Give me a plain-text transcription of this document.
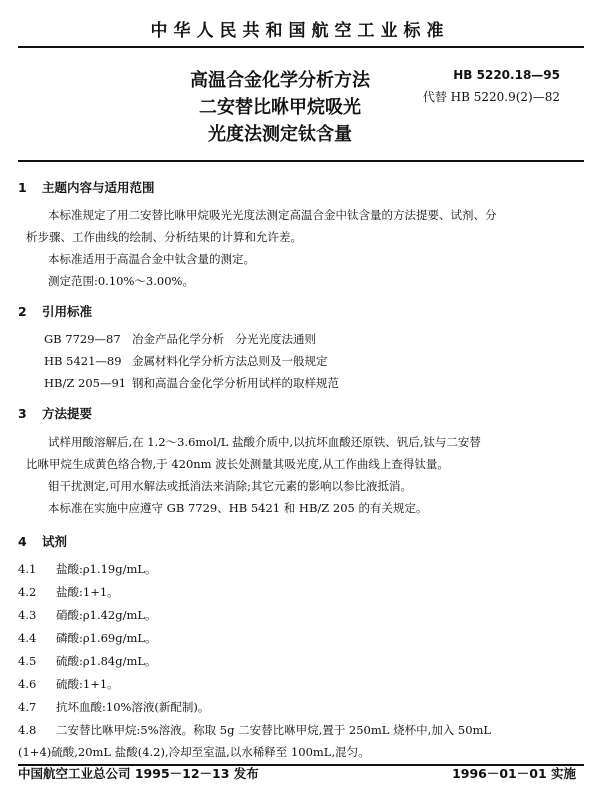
中华人民共和国航空工业标准
高温合金化学分析方法
二安替比咻甲烷吸光
光度法测定钛含量
HB 5220.18—95
代替 HB 5220.9(2)—82
1 主题内容与适用范围
本标准规定了用二安替比咻甲烷吸光光度法测定高温合金中钛含量的方法提要、试剂、分
析步骤、工作曲线的绘制、分析结果的计算和允许差。
本标准适用于高温合金中钛含量的测定。
测定范围:0.10%～3.00%。
2 引用标准
GB 7729—87 冶金产品化学分析　分光光度法通则
HB 5421—89 金属材料化学分析方法总则及一般规定
HB/Z 205—91 钢和高温合金化学分析用试样的取样规范
3 方法提要
试样用酸溶解后,在 1.2～3.6mol/L 盐酸介质中,以抗坏血酸还原铁、钒后,钛与二安替
比咻甲烷生成黄色络合物,于 420nm 波长处测量其吸光度,从工作曲线上查得钛量。
钼干扰测定,可用水解法或抵消法来消除;其它元素的影响以参比液抵消。
本标准在实施中应遵守 GB 7729、HB 5421 和 HB/Z 205 的有关规定。
4 试剂
4.1 盐酸:ρ1.19g/mL。
4.2 盐酸:1+1。
4.3 硝酸:ρ1.42g/mL。
4.4 磷酸:ρ1.69g/mL。
4.5 硫酸:ρ1.84g/mL。
4.6 硫酸:1+1。
4.7 抗坏血酸:10%溶液(新配制)。
4.8 二安替比咻甲烷:5%溶液。称取 5g 二安替比咻甲烷,置于 250mL 烧杯中,加入 50mL
(1+4)硫酸,20mL 盐酸(4.2),冷却至室温,以水稀释至 100mL,混匀。
中国航空工业总公司 1995－12－13 发布	1996－01－01 实施
